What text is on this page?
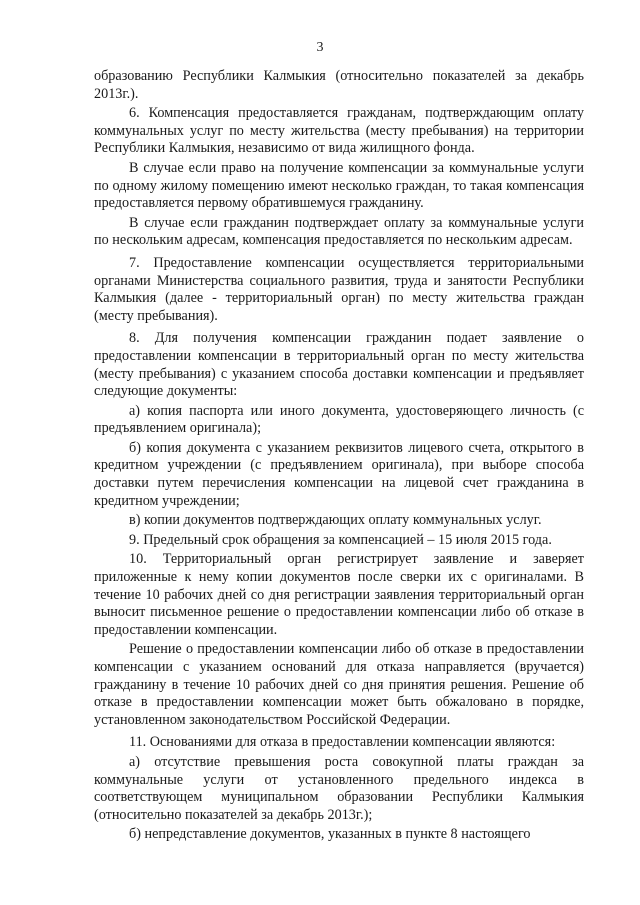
3

образованию Республики Калмыкия (относительно показателей за декабрь 2013г.).

6. Компенсация предоставляется гражданам, подтверждающим оплату коммунальных услуг по месту жительства (месту пребывания) на территории Республики Калмыкия, независимо от вида жилищного фонда.

В случае если право на получение компенсации за коммунальные услуги по одному жилому помещению имеют несколько граждан, то такая компенсация предоставляется первому обратившемуся гражданину.

В случае если гражданин подтверждает оплату за коммунальные услуги по нескольким адресам, компенсация предоставляется по нескольким адресам.

7. Предоставление компенсации осуществляется территориальными органами Министерства социального развития, труда и занятости Республики Калмыкия (далее - территориальный орган) по месту жительства граждан (месту пребывания).

8. Для получения компенсации гражданин подает заявление о предоставлении компенсации в территориальный орган по месту жительства (месту пребывания) с указанием способа доставки компенсации и предъявляет следующие документы:

а) копия паспорта или иного документа, удостоверяющего личность (с предъявлением оригинала);

б) копия документа с указанием реквизитов лицевого счета, открытого в кредитном учреждении (с предъявлением оригинала), при выборе способа доставки путем перечисления компенсации на лицевой счет гражданина в кредитном учреждении;

в) копии документов подтверждающих оплату коммунальных услуг.

9. Предельный срок обращения за компенсацией – 15 июля 2015 года.

10. Территориальный орган регистрирует заявление и заверяет приложенные к нему копии документов после сверки их с оригиналами. В течение 10 рабочих дней со дня регистрации заявления территориальный орган выносит письменное решение о предоставлении компенсации либо об отказе в предоставлении компенсации.

Решение о предоставлении компенсации либо об отказе в предоставлении компенсации с указанием оснований для отказа направляется (вручается) гражданину в течение 10 рабочих дней со дня принятия решения. Решение об отказе в предоставлении компенсации может быть обжаловано в порядке, установленном законодательством Российской Федерации.

11. Основаниями для отказа в предоставлении компенсации являются:

а) отсутствие превышения роста совокупной платы граждан за коммунальные услуги от установленного предельного индекса в соответствующем муниципальном образовании Республики Калмыкия (относительно показателей за декабрь 2013г.);

б) непредставление документов, указанных в пункте 8 настоящего
